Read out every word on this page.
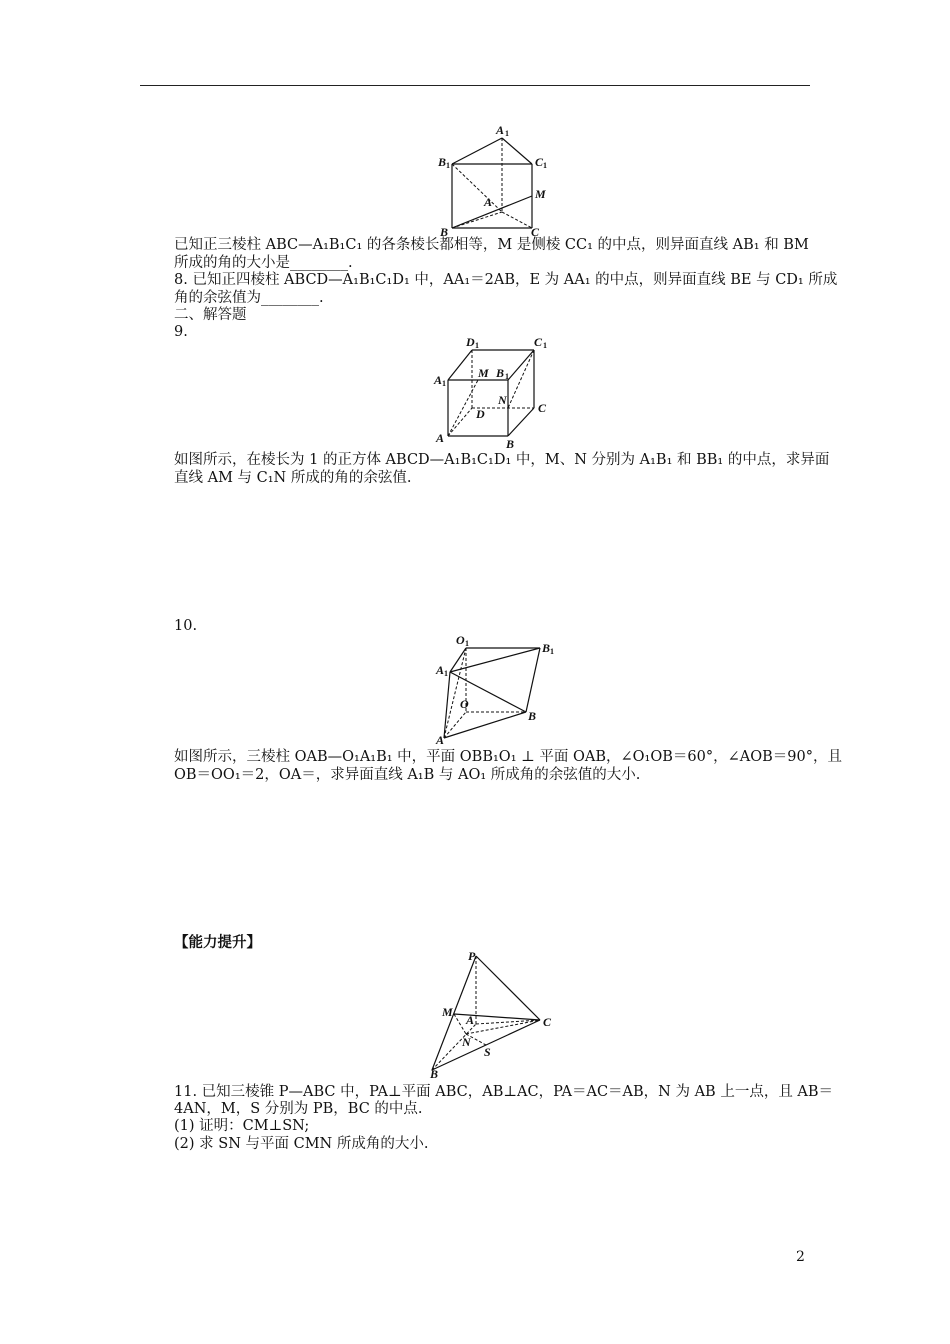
A 1
B 1	C 1
M
A
B	C
已知正三棱柱 ABC—A₁B₁C₁ 的各条棱长都相等，M 是侧棱 CC₁ 的中点，则异面直线 AB₁ 和 BM
所成的角的大小是________.
8. 已知正四棱柱 ABCD—A₁B₁C₁D₁ 中，AA₁＝2AB，E 为 AA₁ 的中点，则异面直线 BE 与 CD₁ 所成
角的余弦值为________.
二、解答题
9.
D 1	C 1
A 1
M B 1
D
N
C
A	B
如图所示，在棱长为 1 的正方体 ABCD—A₁B₁C₁D₁ 中，M、N 分别为 A₁B₁ 和 BB₁ 的中点，求异面
直线 AM 与 C₁N 所成的角的余弦值.
10.
O 1	B 1
A 1
O
B
A
如图所示，三棱柱 OAB—O₁A₁B₁ 中，平面 OBB₁O₁ ⊥ 平面 OAB，∠O₁OB＝60°，∠AOB＝90°，且
OB＝OO₁＝2，OA＝，求异面直线 A₁B 与 AO₁ 所成角的余弦值的大小.
【能力提升】
P
M
A	C
N
S
B
11. 已知三棱锥 P—ABC 中，PA⊥平面 ABC，AB⊥AC，PA＝AC＝AB，N 为 AB 上一点，且 AB＝
4AN，M，S 分别为 PB，BC 的中点.
(1) 证明：CM⊥SN;
(2) 求 SN 与平面 CMN 所成角的大小.
2
